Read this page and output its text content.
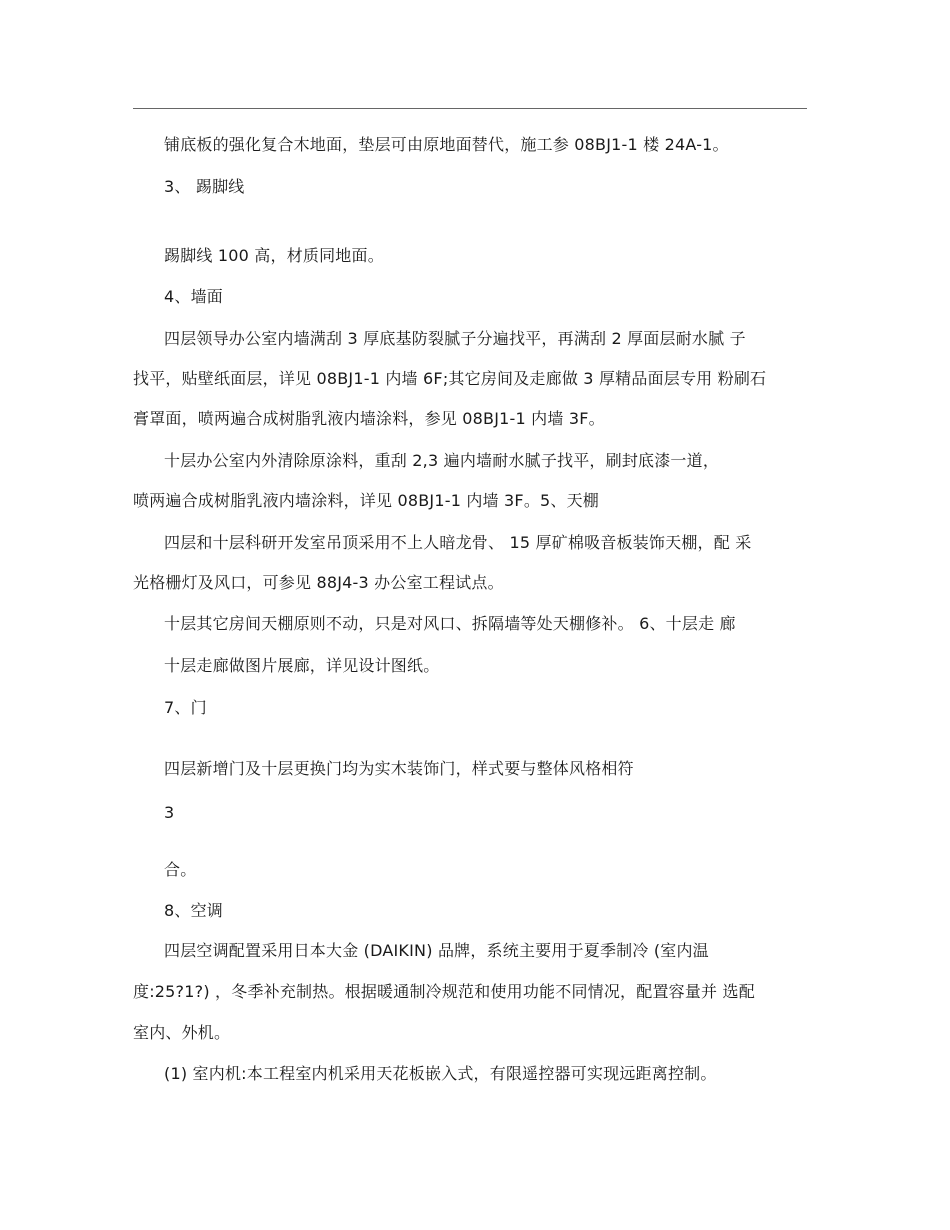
铺底板的强化复合木地面，垫层可由原地面替代，施工参 08BJ1-1 楼 24A-1。
3、 踢脚线
踢脚线 100 高，材质同地面。
4、墙面
四层领导办公室内墙满刮 3 厚底基防裂腻子分遍找平，再满刮 2 厚面层耐水腻 子
找平，贴壁纸面层，详见 08BJ1-1 内墙 6F;其它房间及走廊做 3 厚精品面层专用 粉刷石
膏罩面，喷两遍合成树脂乳液内墙涂料，参见 08BJ1-1 内墙 3F。
十层办公室内外清除原涂料，重刮 2,3 遍内墙耐水腻子找平，刷封底漆一道，
喷两遍合成树脂乳液内墙涂料，详见 08BJ1-1 内墙 3F。5、天棚
四层和十层科研开发室吊顶采用不上人暗龙骨、 15 厚矿棉吸音板装饰天棚，配 采
光格栅灯及风口，可参见 88J4-3 办公室工程试点。
十层其它房间天棚原则不动，只是对风口、拆隔墙等处天棚修补。 6、十层走 廊
十层走廊做图片展廊，详见设计图纸。
7、门
四层新增门及十层更换门均为实木装饰门，样式要与整体风格相符
3
合。
8、空调
四层空调配置采用日本大金 (DAIKIN) 品牌，系统主要用于夏季制冷 (室内温
度:25?1?) ，冬季补充制热。根据暖通制冷规范和使用功能不同情况，配置容量并 选配
室内、外机。
(1) 室内机:本工程室内机采用天花板嵌入式，有限遥控器可实现远距离控制。
